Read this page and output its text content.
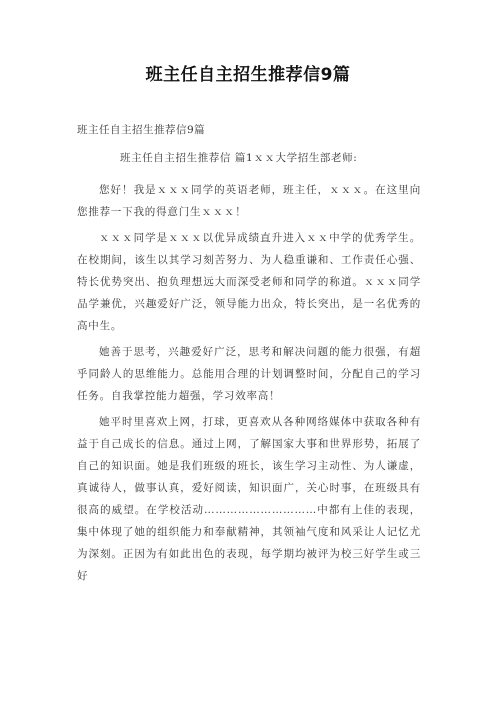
班主任自主招生推荐信9篇
班主任自主招生推荐信9篇
班主任自主招生推荐信 篇1ｘｘ大学招生部老师:

您好！我是ｘｘｘ同学的英语老师，班主任，ｘｘｘ。在这里向您推荐一下我的得意门生ｘｘｘ！

ｘｘｘ同学是ｘｘｘ以优异成绩直升进入ｘｘ中学的优秀学生。在校期间，该生以其学习刻苦努力、为人稳重谦和、工作责任心强、特长优势突出、抱负理想远大而深受老师和同学的称道。ｘｘｘ同学品学兼优，兴趣爱好广泛，领导能力出众，特长突出，是一名优秀的高中生。

她善于思考，兴趣爱好广泛，思考和解决问题的能力很强，有超乎同龄人的思维能力。总能用合理的计划调整时间，分配自己的学习任务。自我掌控能力超强，学习效率高！

她平时里喜欢上网，打球，更喜欢从各种网络媒体中获取各种有益于自己成长的信息。通过上网，了解国家大事和世界形势，拓展了自己的知识面。她是我们班级的班长，该生学习主动性、为人谦虚，真诚待人，做事认真，爱好阅读，知识面广，关心时事，在班级具有很高的威望。在学校活动…………………………中都有上佳的表现，集中体现了她的组织能力和奉献精神，其领袖气度和风采让人记忆尤为深刻。正因为有如此出色的表现，每学期均被评为校三好学生或三好
